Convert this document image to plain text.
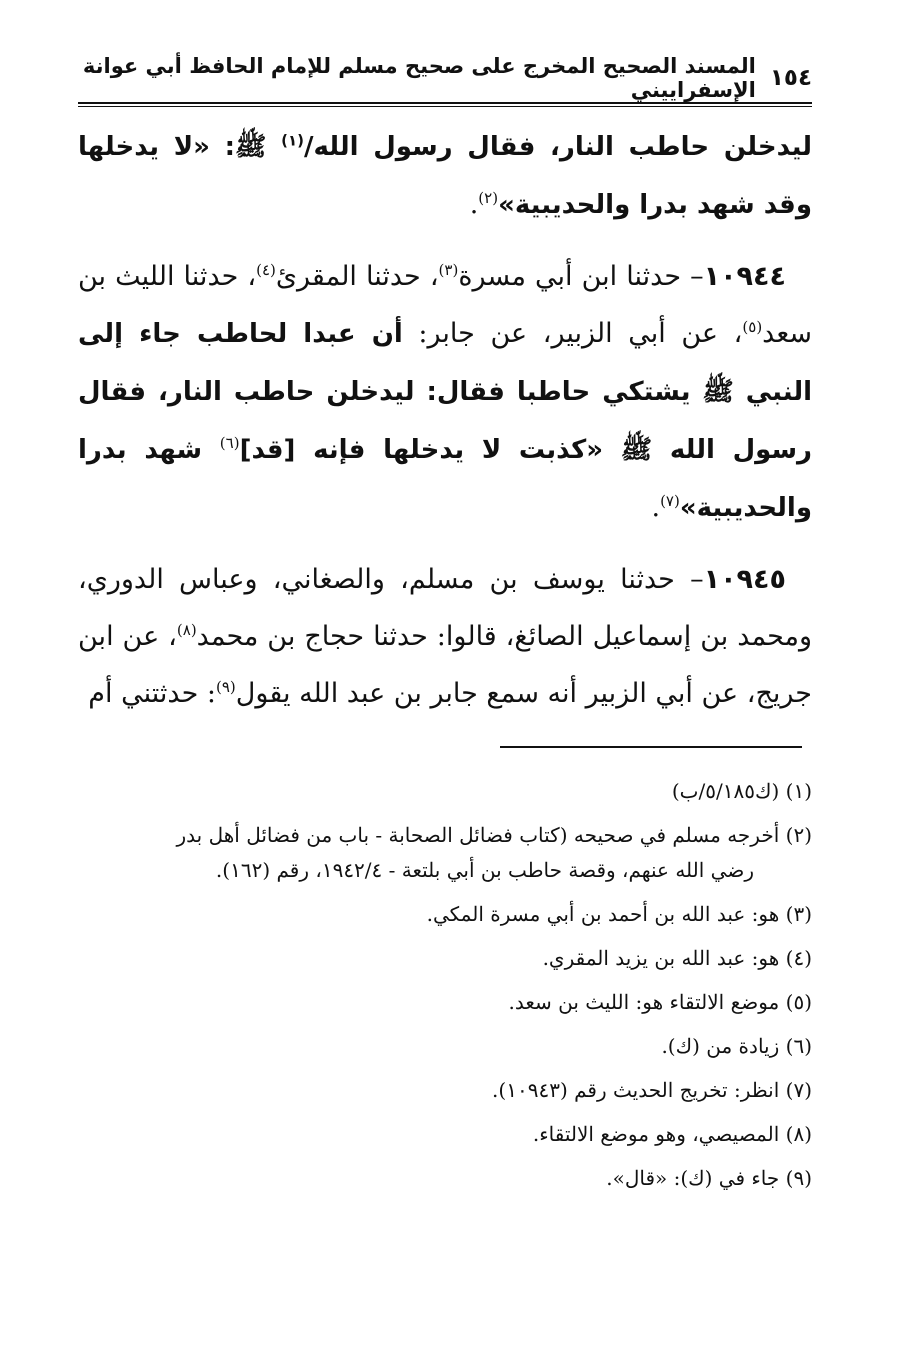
١٥٤
المسند الصحيح المخرج على صحيح مسلم للإمام الحافظ أبي عوانة الإسفراييني

ليدخلن حاطب النار، فقال رسول الله/$^{(١)}$ ﷺ: «لا يدخلها وقد شهد بدرا والحديبية»$^{(٢)}$.

١٠٩٤٤– حدثنا ابن أبي مسرة$^{(٣)}$، حدثنا المقرئ$^{(٤)}$، حدثنا الليث بن سعد$^{(٥)}$، عن أبي الزبير، عن جابر: أن عبدا لحاطب جاء إلى النبي ﷺ يشتكي حاطبا فقال: ليدخلن حاطب النار، فقال رسول الله ﷺ «كذبت لا يدخلها فإنه [قد]$^{(٦)}$ شهد بدرا والحديبية»$^{(٧)}$.

١٠٩٤٥– حدثنا يوسف بن مسلم، والصغاني، وعباس الدوري، ومحمد بن إسماعيل الصائغ، قالوا: حدثنا حجاج بن محمد$^{(٨)}$، عن ابن جريج، عن أبي الزبير أنه سمع جابر بن عبد الله يقول$^{(٩)}$: حدثتني أم

(١) (ك٥/١٨٥/ب)
(٢) أخرجه مسلم في صحيحه (كتاب فضائل الصحابة - باب من فضائل أهل بدر
رضي الله عنهم، وقصة حاطب بن أبي بلتعة - ١٩٤٢/٤، رقم (١٦٢).
(٣) هو: عبد الله بن أحمد بن أبي مسرة المكي.
(٤) هو: عبد الله بن يزيد المقري.
(٥) موضع الالتقاء هو: الليث بن سعد.
(٦) زيادة من (ك).
(٧) انظر: تخريج الحديث رقم (١٠٩٤٣).
(٨) المصيصي، وهو موضع الالتقاء.
(٩) جاء في (ك): «قال».
